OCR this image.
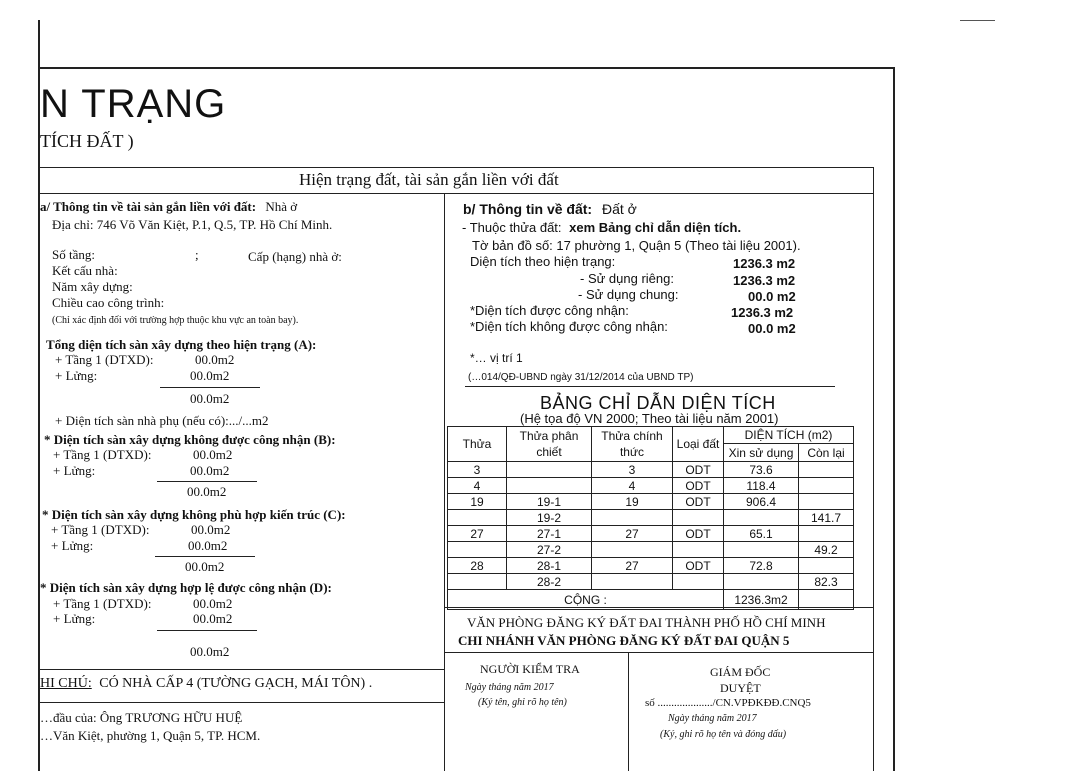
N TRẠNG
TÍCH ĐẤT )
Hiện trạng đất, tài sản gắn liền với đất
a/ Thông tin về tài sản gắn liền với đất: Nhà ở
Địa chỉ: 746 Võ Văn Kiệt, P.1, Q.5, TP. Hồ Chí Minh.
Số tầng:	;	Cấp (hạng) nhà ở:
Kết cấu nhà:
Năm xây dựng:
Chiều cao công trình:
(Chỉ xác định đối với trường hợp thuộc khu vực an toàn bay).
Tổng diện tích sàn xây dựng theo hiện trạng (A):
+ Tầng 1 (DTXD):	00.0m2
+ Lửng:	00.0m2
00.0m2
+ Diện tích sàn nhà phụ (nếu có):.../...m2
* Diện tích sàn xây dựng không được công nhận (B):
+ Tầng 1 (DTXD):	00.0m2
+ Lửng:	00.0m2
00.0m2
* Diện tích sàn xây dựng không phù hợp kiến trúc (C):
+ Tầng 1 (DTXD):	00.0m2
+ Lửng:	00.0m2
00.0m2
* Diện tích sàn xây dựng hợp lệ được công nhận (D):
+ Tầng 1 (DTXD):	00.0m2
+ Lửng:	00.0m2
00.0m2
HI CHÚ: CÓ NHÀ CẤP 4 (TƯỜNG GẠCH, MÁI TÔN) .
…đầu của: Ông TRƯƠNG HỮU HUỆ
…Văn Kiệt, phường 1, Quận 5, TP. HCM.
b/ Thông tin về đất: Đất ở
- Thuộc thửa đất: xem Bảng chỉ dẫn diện tích.
Tờ bản đồ số: 17 phường 1, Quận 5 (Theo tài liệu 2001).
Diện tích theo hiện trạng:	1236.3 m2
- Sử dụng riêng:	1236.3 m2
- Sử dụng chung:	00.0 m2
*Diện tích được công nhận:	1236.3 m2
*Diện tích không được công nhận:	00.0 m2
*… vị trí 1
(…014/QĐ-UBND ngày 31/12/2014 của UBND TP)
BẢNG CHỈ DẪN DIỆN TÍCH
(Hệ tọa độ VN 2000; Theo tài liệu năm 2001)
Thửa	Thửa phân chiết	Thửa chính thức	Loại đất	DIỆN TÍCH (m2)	
				Xin sử dụng	Còn lại
3		3	ODT	73.6	
4		4	ODT	118.4	
19	19-1	19	ODT	906.4	
	19-2				141.7
27	27-1	27	ODT	65.1	
	27-2				49.2
28	28-1	27	ODT	72.8	
	28-2				82.3
CỘNG :				1236.3m2	
VĂN PHÒNG ĐĂNG KÝ ĐẤT ĐAI THÀNH PHỐ HỒ CHÍ MINH
CHI NHÁNH VĂN PHÒNG ĐĂNG KÝ ĐẤT ĐAI QUẬN 5
NGƯỜI KIỂM TRA
Ngày tháng năm 2017
(Ký tên, ghi rõ họ tên)
GIÁM ĐỐC
DUYỆT
số ..................../CN.VPĐKĐĐ.CNQ5
Ngày tháng năm 2017
(Ký, ghi rõ họ tên và đóng dấu)
